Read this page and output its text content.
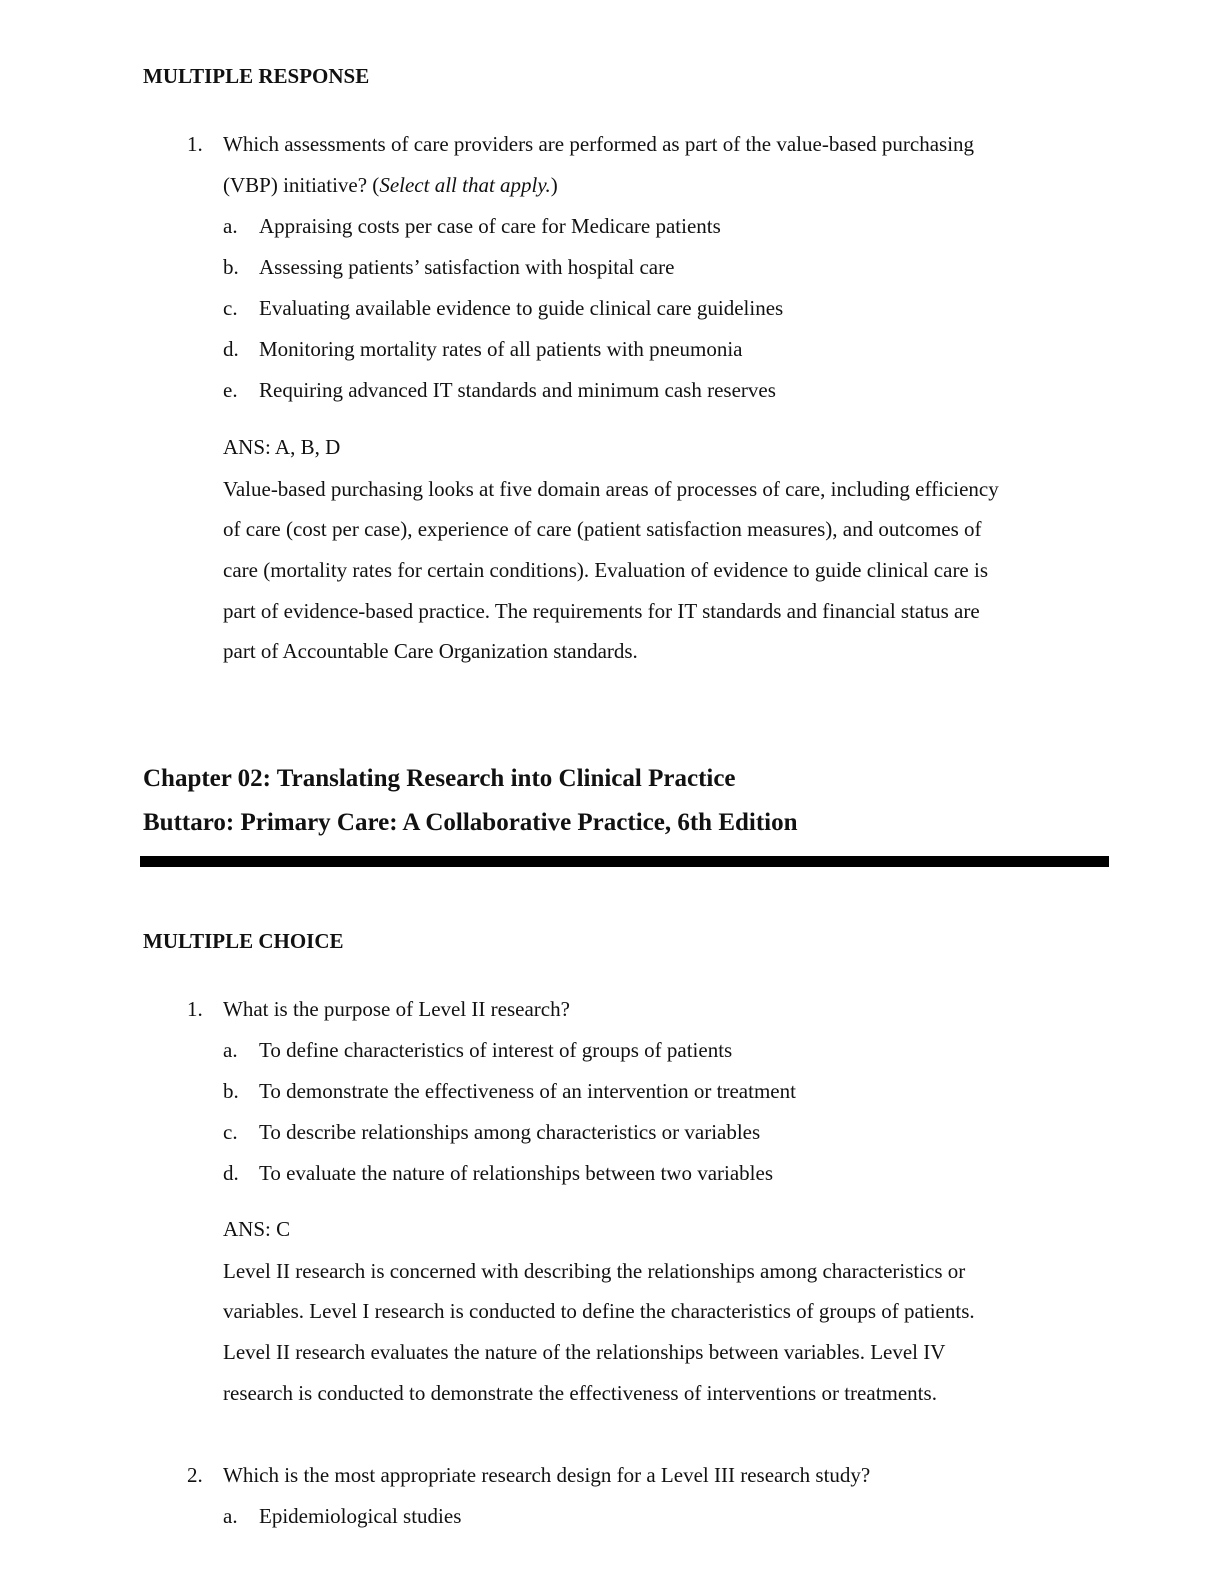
MULTIPLE RESPONSE
1. Which assessments of care providers are performed as part of the value-based purchasing
(VBP) initiative? (Select all that apply.)
a. Appraising costs per case of care for Medicare patients
b. Assessing patients’ satisfaction with hospital care
c. Evaluating available evidence to guide clinical care guidelines
d. Monitoring mortality rates of all patients with pneumonia
e. Requiring advanced IT standards and minimum cash reserves
ANS: A, B, D
Value-based purchasing looks at five domain areas of processes of care, including efficiency
of care (cost per case), experience of care (patient satisfaction measures), and outcomes of
care (mortality rates for certain conditions). Evaluation of evidence to guide clinical care is
part of evidence-based practice. The requirements for IT standards and financial status are
part of Accountable Care Organization standards.
Chapter 02: Translating Research into Clinical Practice
Buttaro: Primary Care: A Collaborative Practice, 6th Edition
MULTIPLE CHOICE
1. What is the purpose of Level II research?
a. To define characteristics of interest of groups of patients
b. To demonstrate the effectiveness of an intervention or treatment
c. To describe relationships among characteristics or variables
d. To evaluate the nature of relationships between two variables
ANS: C
Level II research is concerned with describing the relationships among characteristics or
variables. Level I research is conducted to define the characteristics of groups of patients.
Level II research evaluates the nature of the relationships between variables. Level IV
research is conducted to demonstrate the effectiveness of interventions or treatments.
2. Which is the most appropriate research design for a Level III research study?
a. Epidemiological studies
